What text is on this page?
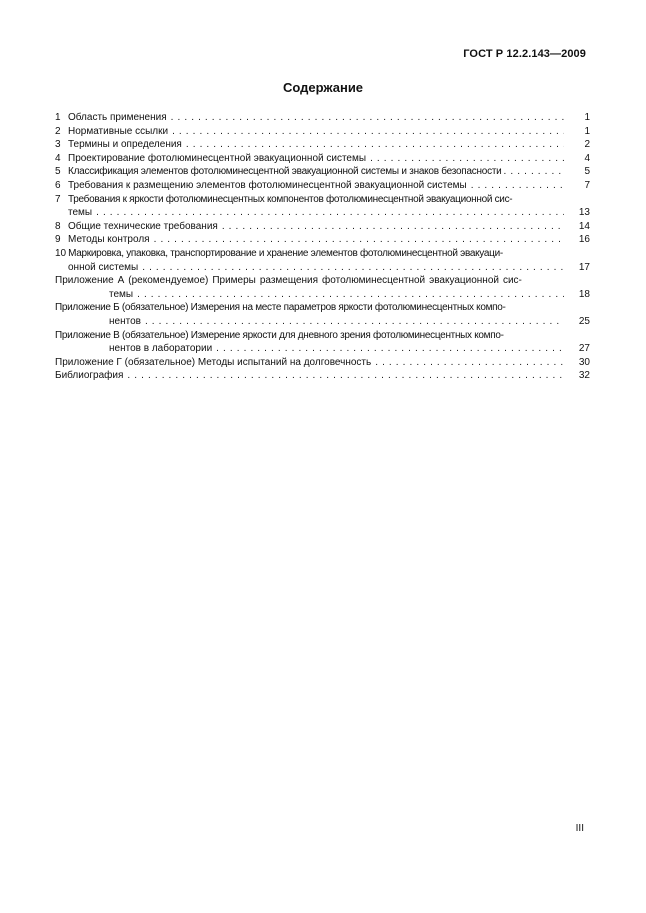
ГОСТ Р 12.2.143—2009
Содержание
1 Область применения . . .	1
2 Нормативные ссылки . . .	1
3 Термины и определения . . .	2
4 Проектирование фотолюминесцентной эвакуационной системы . . .	4
5 Классификация элементов фотолюминесцентной эвакуационной системы и знаков безопасности . . .	5
6 Требования к размещению элементов фотолюминесцентной эвакуационной системы . . .	7
7 Требования к яркости фотолюминесцентных компонентов фотолюминесцентной эвакуационной сис-
темы . . .	13
8 Общие технические требования . . .	14
9 Методы контроля . . .	16
10 Маркировка, упаковка, транспортирование и хранение элементов фотолюминесцентной эвакуаци-
онной системы . . .	17
Приложение А (рекомендуемое) Примеры размещения фотолюминесцентной эвакуационной сис-
темы . . .	18
Приложение Б (обязательное) Измерения на месте параметров яркости фотолюминесцентных компо-
нентов . . .	25
Приложение В (обязательное) Измерение яркости для дневного зрения фотолюминесцентных компо-
нентов в лаборатории . . .	27
Приложение Г (обязательное) Методы испытаний на долговечность . . .	30
Библиография . . .	32
III
